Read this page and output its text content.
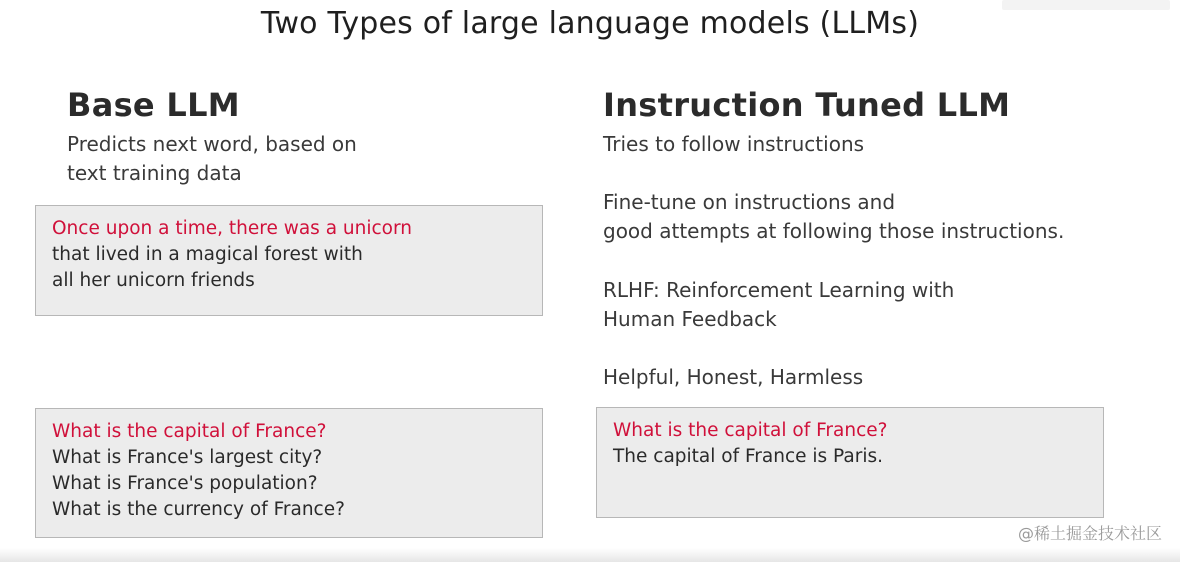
Two Types of large language models (LLMs)
Base LLM
Predicts next word, based on
text training data
Once upon a time, there was a unicorn
that lived in a magical forest with
all her unicorn friends
What is the capital of France?
What is France's largest city?
What is France's population?
What is the currency of France?
Instruction Tuned LLM
Tries to follow instructions
Fine-tune on instructions and
good attempts at following those instructions.
RLHF: Reinforcement Learning with
Human Feedback
Helpful, Honest, Harmless
What is the capital of France?
The capital of France is Paris.
@稀土掘金技术社区
